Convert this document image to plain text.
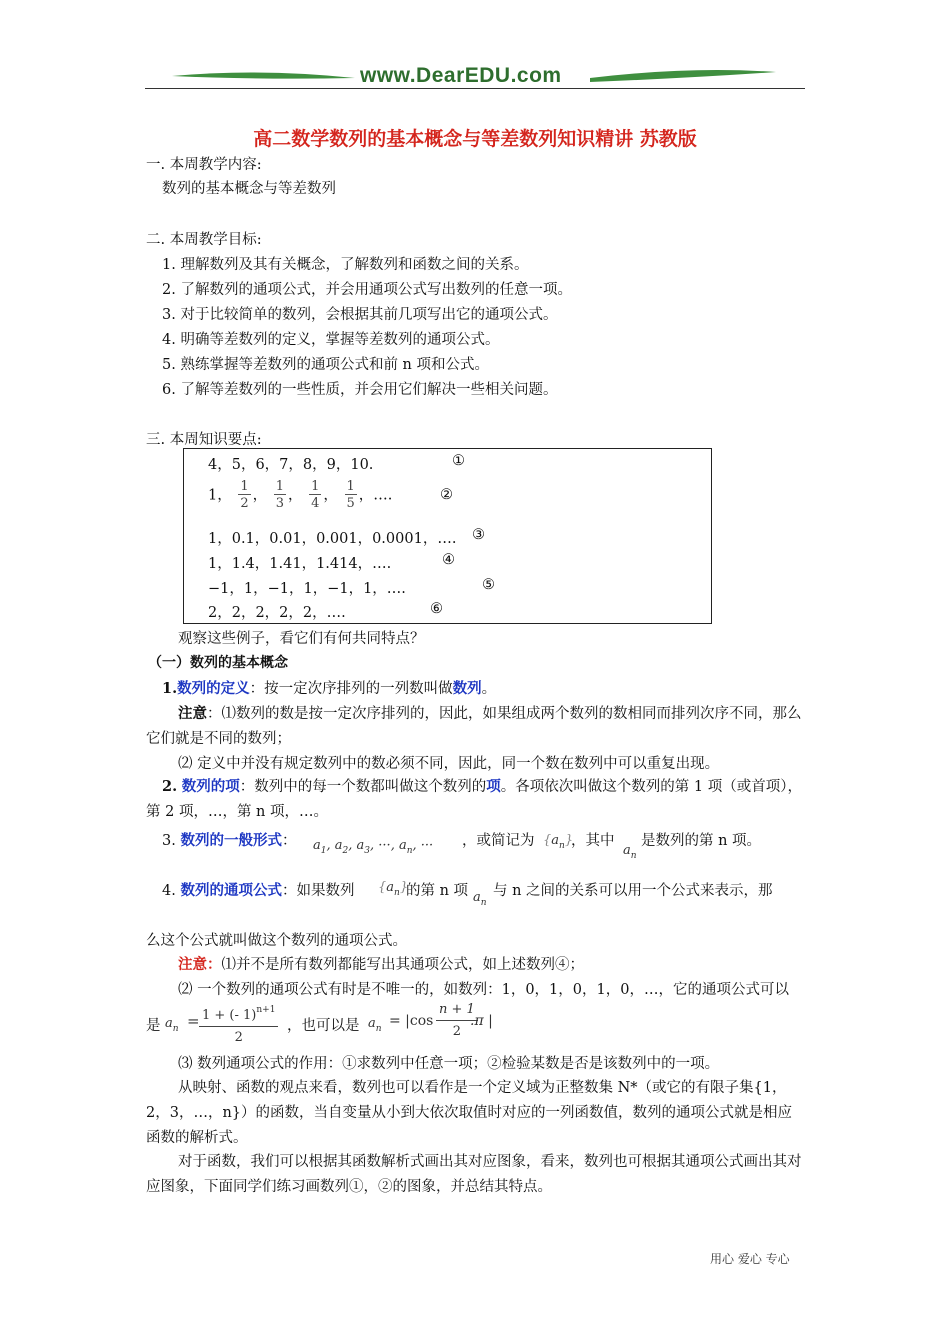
www.DearEDU.com
高二数学数列的基本概念与等差数列知识精讲 苏教版
一. 本周教学内容:
数列的基本概念与等差数列
二. 本周教学目标:
1. 理解数列及其有关概念，了解数列和函数之间的关系。
2. 了解数列的通项公式，并会用通项公式写出数列的任意一项。
3. 对于比较简单的数列，会根据其前几项写出它的通项公式。
4. 明确等差数列的定义，掌握等差数列的通项公式。
5. 熟练掌握等差数列的通项公式和前 n 项和公式。
6. 了解等差数列的一些性质，并会用它们解决一些相关问题。
三. 本周知识要点:
4，5，6，7，8，9，10.	①
1， $\frac{1}{2}$ ， $\frac{1}{3}$ ， $\frac{1}{4}$ ， $\frac{1}{5}$ ，….	②
1，0.1，0.01，0.001，0.0001，…. ③
1，1.4，1.41，1.414，….	④
−1，1，−1，1，−1，1，….	⑤
2，2，2，2，2，….	⑥
观察这些例子，看它们有何共同特点？
（一）数列的基本概念
1.数列的定义：按一定次序排列的一列数叫做数列。
注意：⑴数列的数是按一定次序排列的，因此，如果组成两个数列的数相同而排列次序不同，那么它们就是不同的数列；
⑵ 定义中并没有规定数列中的数必须不同，因此，同一个数在数列中可以重复出现。
2. 数列的项：数列中的每一个数都叫做这个数列的项。各项依次叫做这个数列的第 1 项（或首项），第 2 项，…，第 n 项，…。
3. 数列的一般形式： $a_1$, $a_2$, $a_3$, ···, $a_n$, ··· ，或简记为 $\{a_n\}$
，其中
$a_n$
是数列的第 n 项。
4. 数列的通项公式：如果数列 $\{a_n\}$
的第 n 项 $a_n$
与 n 之间的关系可以用一个公式来表示，那
么这个公式就叫做这个数列的通项公式。
注意：⑴并不是所有数列都能写出其通项公式，如上述数列④；
⑵ 一个数列的通项公式有时是不唯一的，如数列：1，0，1，0，1，0，…，它的通项公式可以
是 $a_n = 1$ + (- 1)$^{n+1}$
2
，也可以是 $a_n = |\cos$
n + 1
2
.π |
⑶ 数列通项公式的作用：①求数列中任意一项；②检验某数是否是该数列中的一项。
从映射、函数的观点来看，数列也可以看作是一个定义域为正整数集 N*（或它的有限子集{1，2，3，…，n}）的函数，当自变量从小到大依次取值时对应的一列函数值，数列的通项公式就是相应函数的解析式。
对于函数，我们可以根据其函数解析式画出其对应图象，看来，数列也可根据其通项公式画出其对应图象，下面同学们练习画数列①，②的图象，并总结其特点。
用心 爱心 专心
